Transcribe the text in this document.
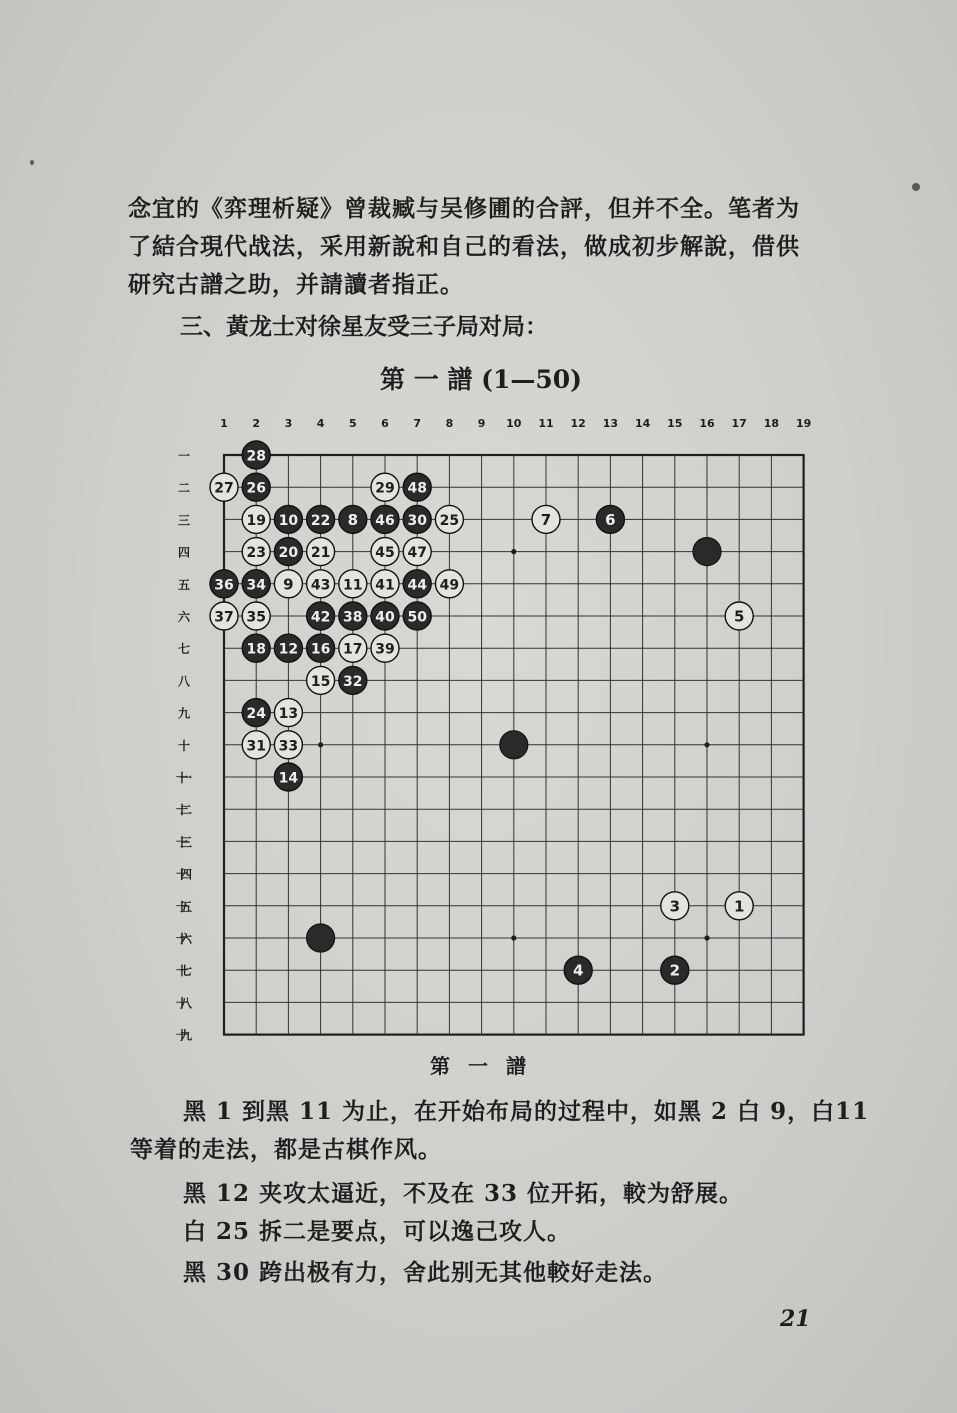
念宜的《弈理析疑》曾裁臧与吴修圃的合評，但并不全。笔者为
了結合現代战法，采用新說和自己的看法，做成初步解說，借供
研究古譜之助，并請讀者指正。

三、黃龙士对徐星友受三子局对局：

第 一 譜 (1—50)

1 2 3 4 5 6 7 8 9 10 11 12 13 14 15 16 17 18 19
一
二
三
四
五
六
七
八
九
十
十一
十二
十三
十四
十五
十六
十七
十八
十九
1
2
3
4
5
6
7
8
9
10
11
12
13
14
15
16 17
18
19
20 21
22
23
24
25
26
27
28
29
30
31
32
33
34
35
36
37	38
39
40
41
42
43	44
45
46
47
48
49
50

第一譜

黑 1 到黑 11 为止，在开始布局的过程中，如黑 2 白 9，白11

等着的走法，都是古棋作风。

黑 12 夹攻太逼近，不及在 33 位开拓，較为舒展。

白 25 拆二是要点，可以逸己攻人。

黑 30 跨出极有力，舍此别无其他較好走法。

21
